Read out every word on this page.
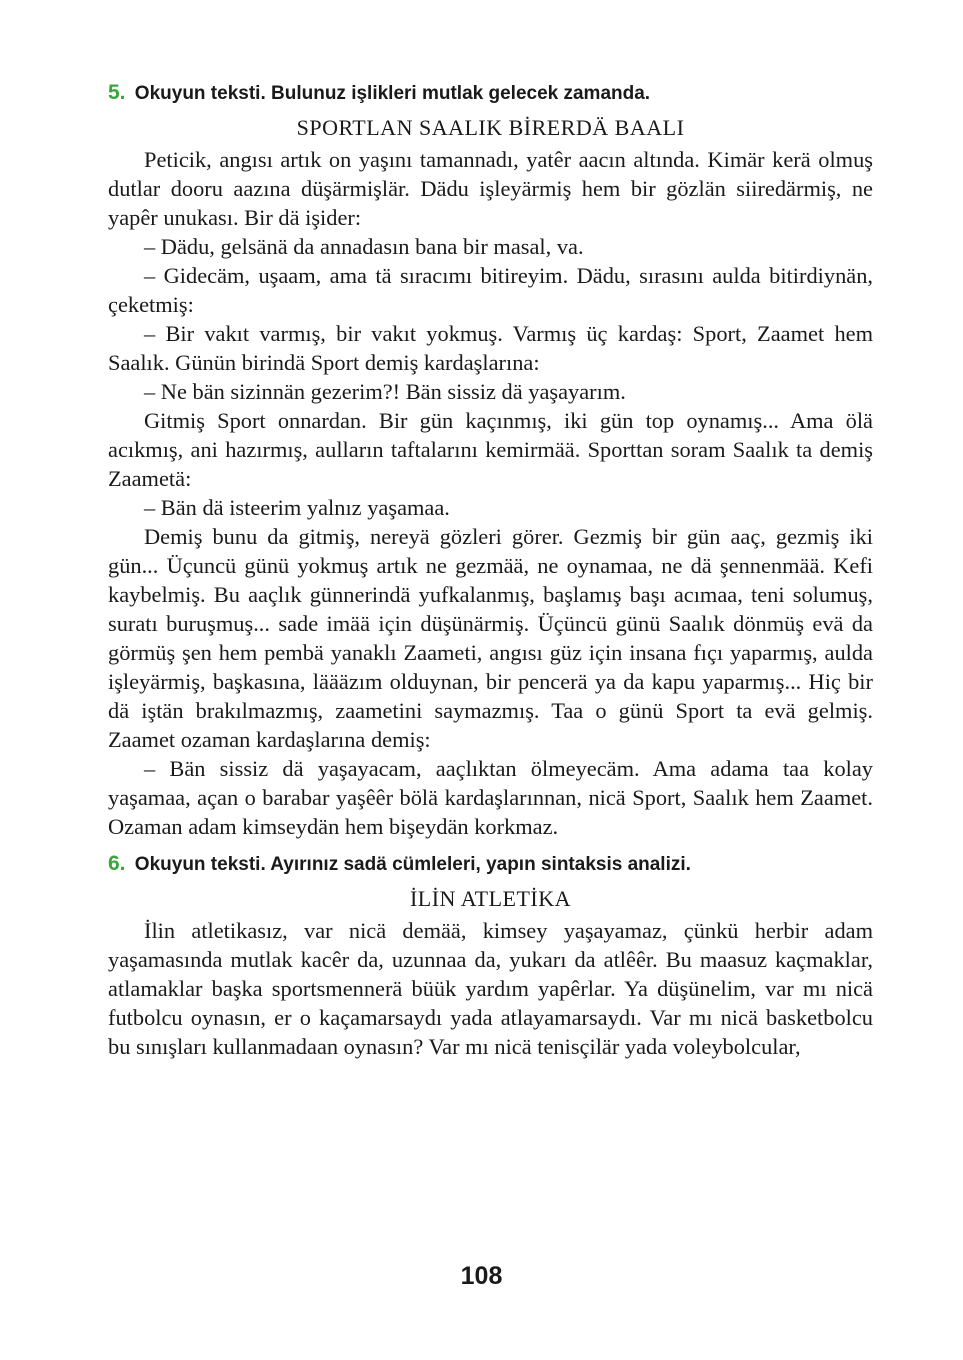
5. Okuyun teksti. Bulunuz işlikleri mutlak gelecek zamanda.

SPORTLAN SAALIK BİRERDÄ BAALI

Peticik, angısı artık on yaşını tamannadı, yatêr aacın altında. Kimär kerä olmuş dutlar dooru aazına düşärmişlär. Dädu işleyärmiş hem bir gözlän siiredärmiş, ne yapêr unukası. Bir dä işider:

– Dädu, gelsänä da annadasın bana bir masal, va.

– Gidecäm, uşaam, ama tä sıracımı bitireyim. Dädu, sırasını aulda bitirdiynän, çeketmiş:

– Bir vakıt varmış, bir vakıt yokmuş. Varmış üç kardaş: Sport, Zaamet hem Saalık. Günün birindä Sport demiş kardaşlarına:

– Ne bän sizinnän gezerim?! Bän sissiz dä yaşayarım.

Gitmiş Sport onnardan. Bir gün kaçınmış, iki gün top oynamış... Ama ölä acıkmış, ani hazırmış, aulların taftalarını kemirmää. Sporttan soram Saalık ta demiş Zaametä:

– Bän dä isteerim yalnız yaşamaa.

Demiş bunu da gitmiş, nereyä gözleri görer. Gezmiş bir gün aaç, gezmiş iki gün... Üçuncü günü yokmuş artık ne gezmää, ne oynamaa, ne dä şennenmää. Kefi kaybelmiş. Bu aaçlık günnerindä yufkalanmış, başlamış başı acımaa, teni solumuş, suratı buruşmuş... sade imää için düşünärmiş. Üçüncü günü Saalık dönmüş evä da görmüş şen hem pembä yanaklı Zaameti, angısı güz için insana fıçı yaparmış, aulda işleyärmiş, başkasına, läääzım olduynan, bir pencerä ya da kapu yaparmış... Hiç bir dä iştän brakılmazmış, zaametini saymazmış. Taa o günü Sport ta evä gelmiş. Zaamet ozaman kardaşlarına demiş:

– Bän sissiz dä yaşayacam, aaçlıktan ölmeyecäm. Ama adama taa kolay yaşamaa, açan o barabar yaşêêr bölä kardaşlarınnan, nicä Sport, Saalık hem Zaamet. Ozaman adam kimseydän hem bişeydän korkmaz.

6. Okuyun teksti. Ayırınız sadä cümleleri, yapın sintaksis analizi.

İLİN ATLETİKA

İlin atletikasız, var nicä demää, kimsey yaşayamaz, çünkü herbir adam yaşamasında mutlak kacêr da, uzunnaa da, yukarı da atlêêr. Bu maasuz kaçmaklar, atlamaklar başka sportsmennerä büük yardım yapêrlar. Ya düşünelim, var mı nicä futbolcu oynasın, er o kaçamarsaydı yada atlayamarsaydı. Var mı nicä basketbolcu bu sınışları kullanmadaan oynasın? Var mı nicä tenisçilär yada voleybolcular,

108
